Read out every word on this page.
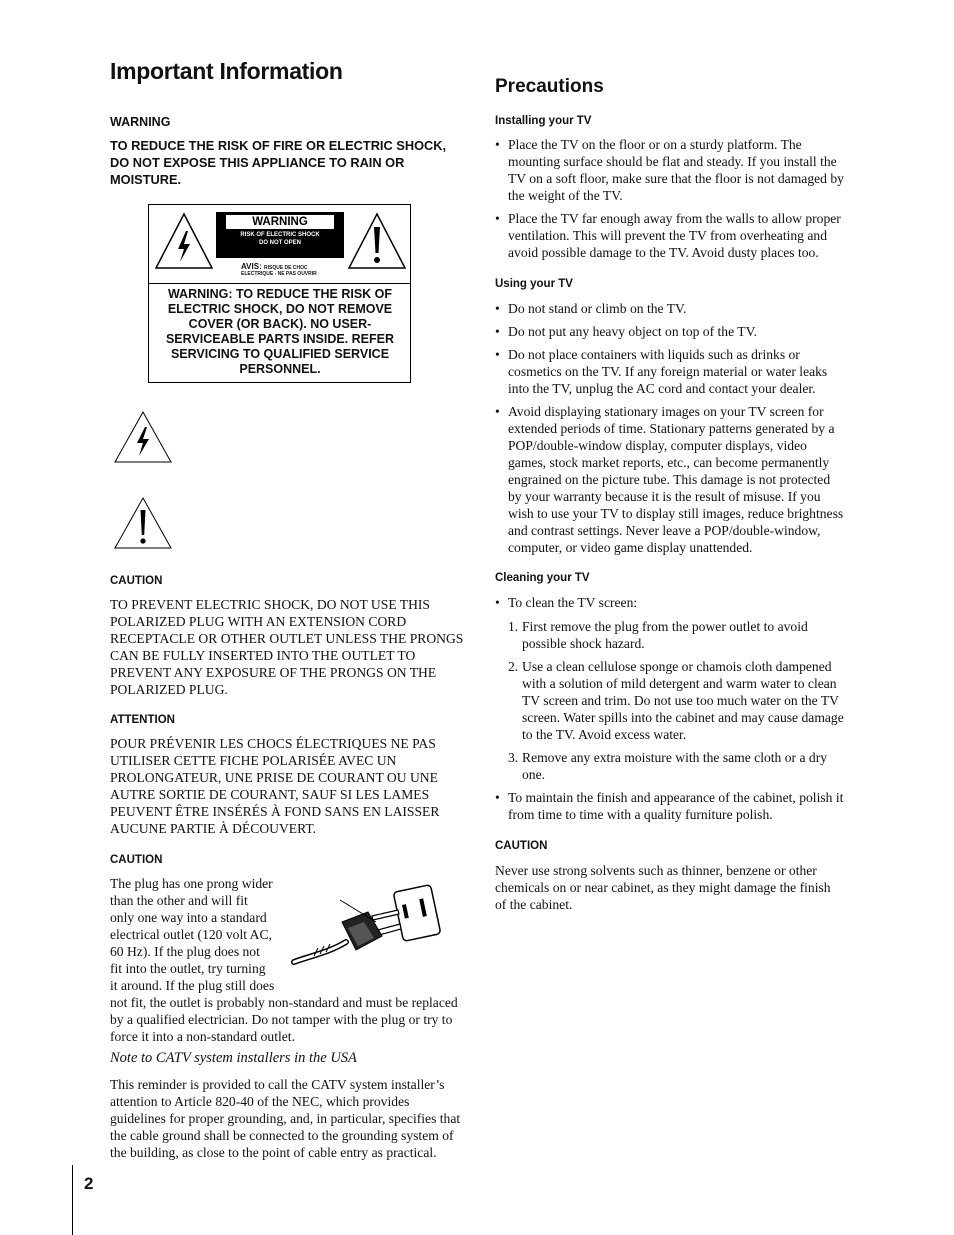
Important Information

WARNING

TO REDUCE THE RISK OF FIRE OR ELECTRIC SHOCK, DO NOT EXPOSE THIS APPLIANCE TO RAIN OR MOISTURE.

WARNING
RISK OF ELECTRIC SHOCK
DO NOT OPEN
AVIS: RISQUE DE CHOC
ELECTRIQUE - NE PAS OUVRIR
WARNING: TO REDUCE THE RISK OF ELECTRIC SHOCK, DO NOT REMOVE COVER (OR BACK). NO USER-SERVICEABLE PARTS INSIDE. REFER SERVICING TO QUALIFIED SERVICE PERSONNEL.

CAUTION

TO PREVENT ELECTRIC SHOCK, DO NOT USE THIS POLARIZED PLUG WITH AN EXTENSION CORD RECEPTACLE OR OTHER OUTLET UNLESS THE PRONGS CAN BE FULLY INSERTED INTO THE OUTLET TO PREVENT ANY EXPOSURE OF THE PRONGS ON THE POLARIZED PLUG.

ATTENTION

POUR PRÉVENIR LES CHOCS ÉLECTRIQUES NE PAS UTILISER CETTE FICHE POLARISÉE AVEC UN PROLONGATEUR, UNE PRISE DE COURANT OU UNE AUTRE SORTIE DE COURANT, SAUF SI LES LAMES PEUVENT ÊTRE INSÉRÉS À FOND SANS EN LAISSER AUCUNE PARTIE À DÉCOUVERT.

CAUTION

The plug has one prong wider
than the other and will fit
only one way into a standard
electrical outlet (120 volt AC,
60 Hz). If the plug does not
fit into the outlet, try turning
it around. If the plug still does

not fit, the outlet is probably non-standard and must be replaced by a qualified electrician. Do not tamper with the plug or try to force it into a non-standard outlet.

Note to CATV system installers in the USA

This reminder is provided to call the CATV system installer’s attention to Article 820-40 of the NEC, which provides guidelines for proper grounding, and, in particular, specifies that the cable ground shall be connected to the grounding system of the building, as close to the point of cable entry as practical.

Precautions

Installing your TV

• Place the TV on the floor or on a sturdy platform. The mounting surface should be flat and steady. If you install the TV on a soft floor, make sure that the floor is not damaged by the weight of the TV.
• Place the TV far enough away from the walls to allow proper ventilation. This will prevent the TV from overheating and avoid possible damage to the TV. Avoid dusty places too.

Using your TV

• Do not stand or climb on the TV.
• Do not put any heavy object on top of the TV.
• Do not place containers with liquids such as drinks or cosmetics on the TV. If any foreign material or water leaks into the TV, unplug the AC cord and contact your dealer.
• Avoid displaying stationary images on your TV screen for extended periods of time. Stationary patterns generated by a POP/double-window display, computer displays, video games, stock market reports, etc., can become permanently engrained on the picture tube. This damage is not protected by your warranty because it is the result of misuse. If you wish to use your TV to display still images, reduce brightness and contrast settings. Never leave a POP/double-window, computer, or video game display unattended.

Cleaning your TV

• To clean the TV screen:
1. First remove the plug from the power outlet to avoid possible shock hazard.
2. Use a clean cellulose sponge or chamois cloth dampened with a solution of mild detergent and warm water to clean TV screen and trim. Do not use too much water on the TV screen. Water spills into the cabinet and may cause damage to the TV. Avoid excess water.
3. Remove any extra moisture with the same cloth or a dry one.
• To maintain the finish and appearance of the cabinet, polish it from time to time with a quality furniture polish.

CAUTION

Never use strong solvents such as thinner, benzene or other chemicals on or near cabinet, as they might damage the finish of the cabinet.

2
